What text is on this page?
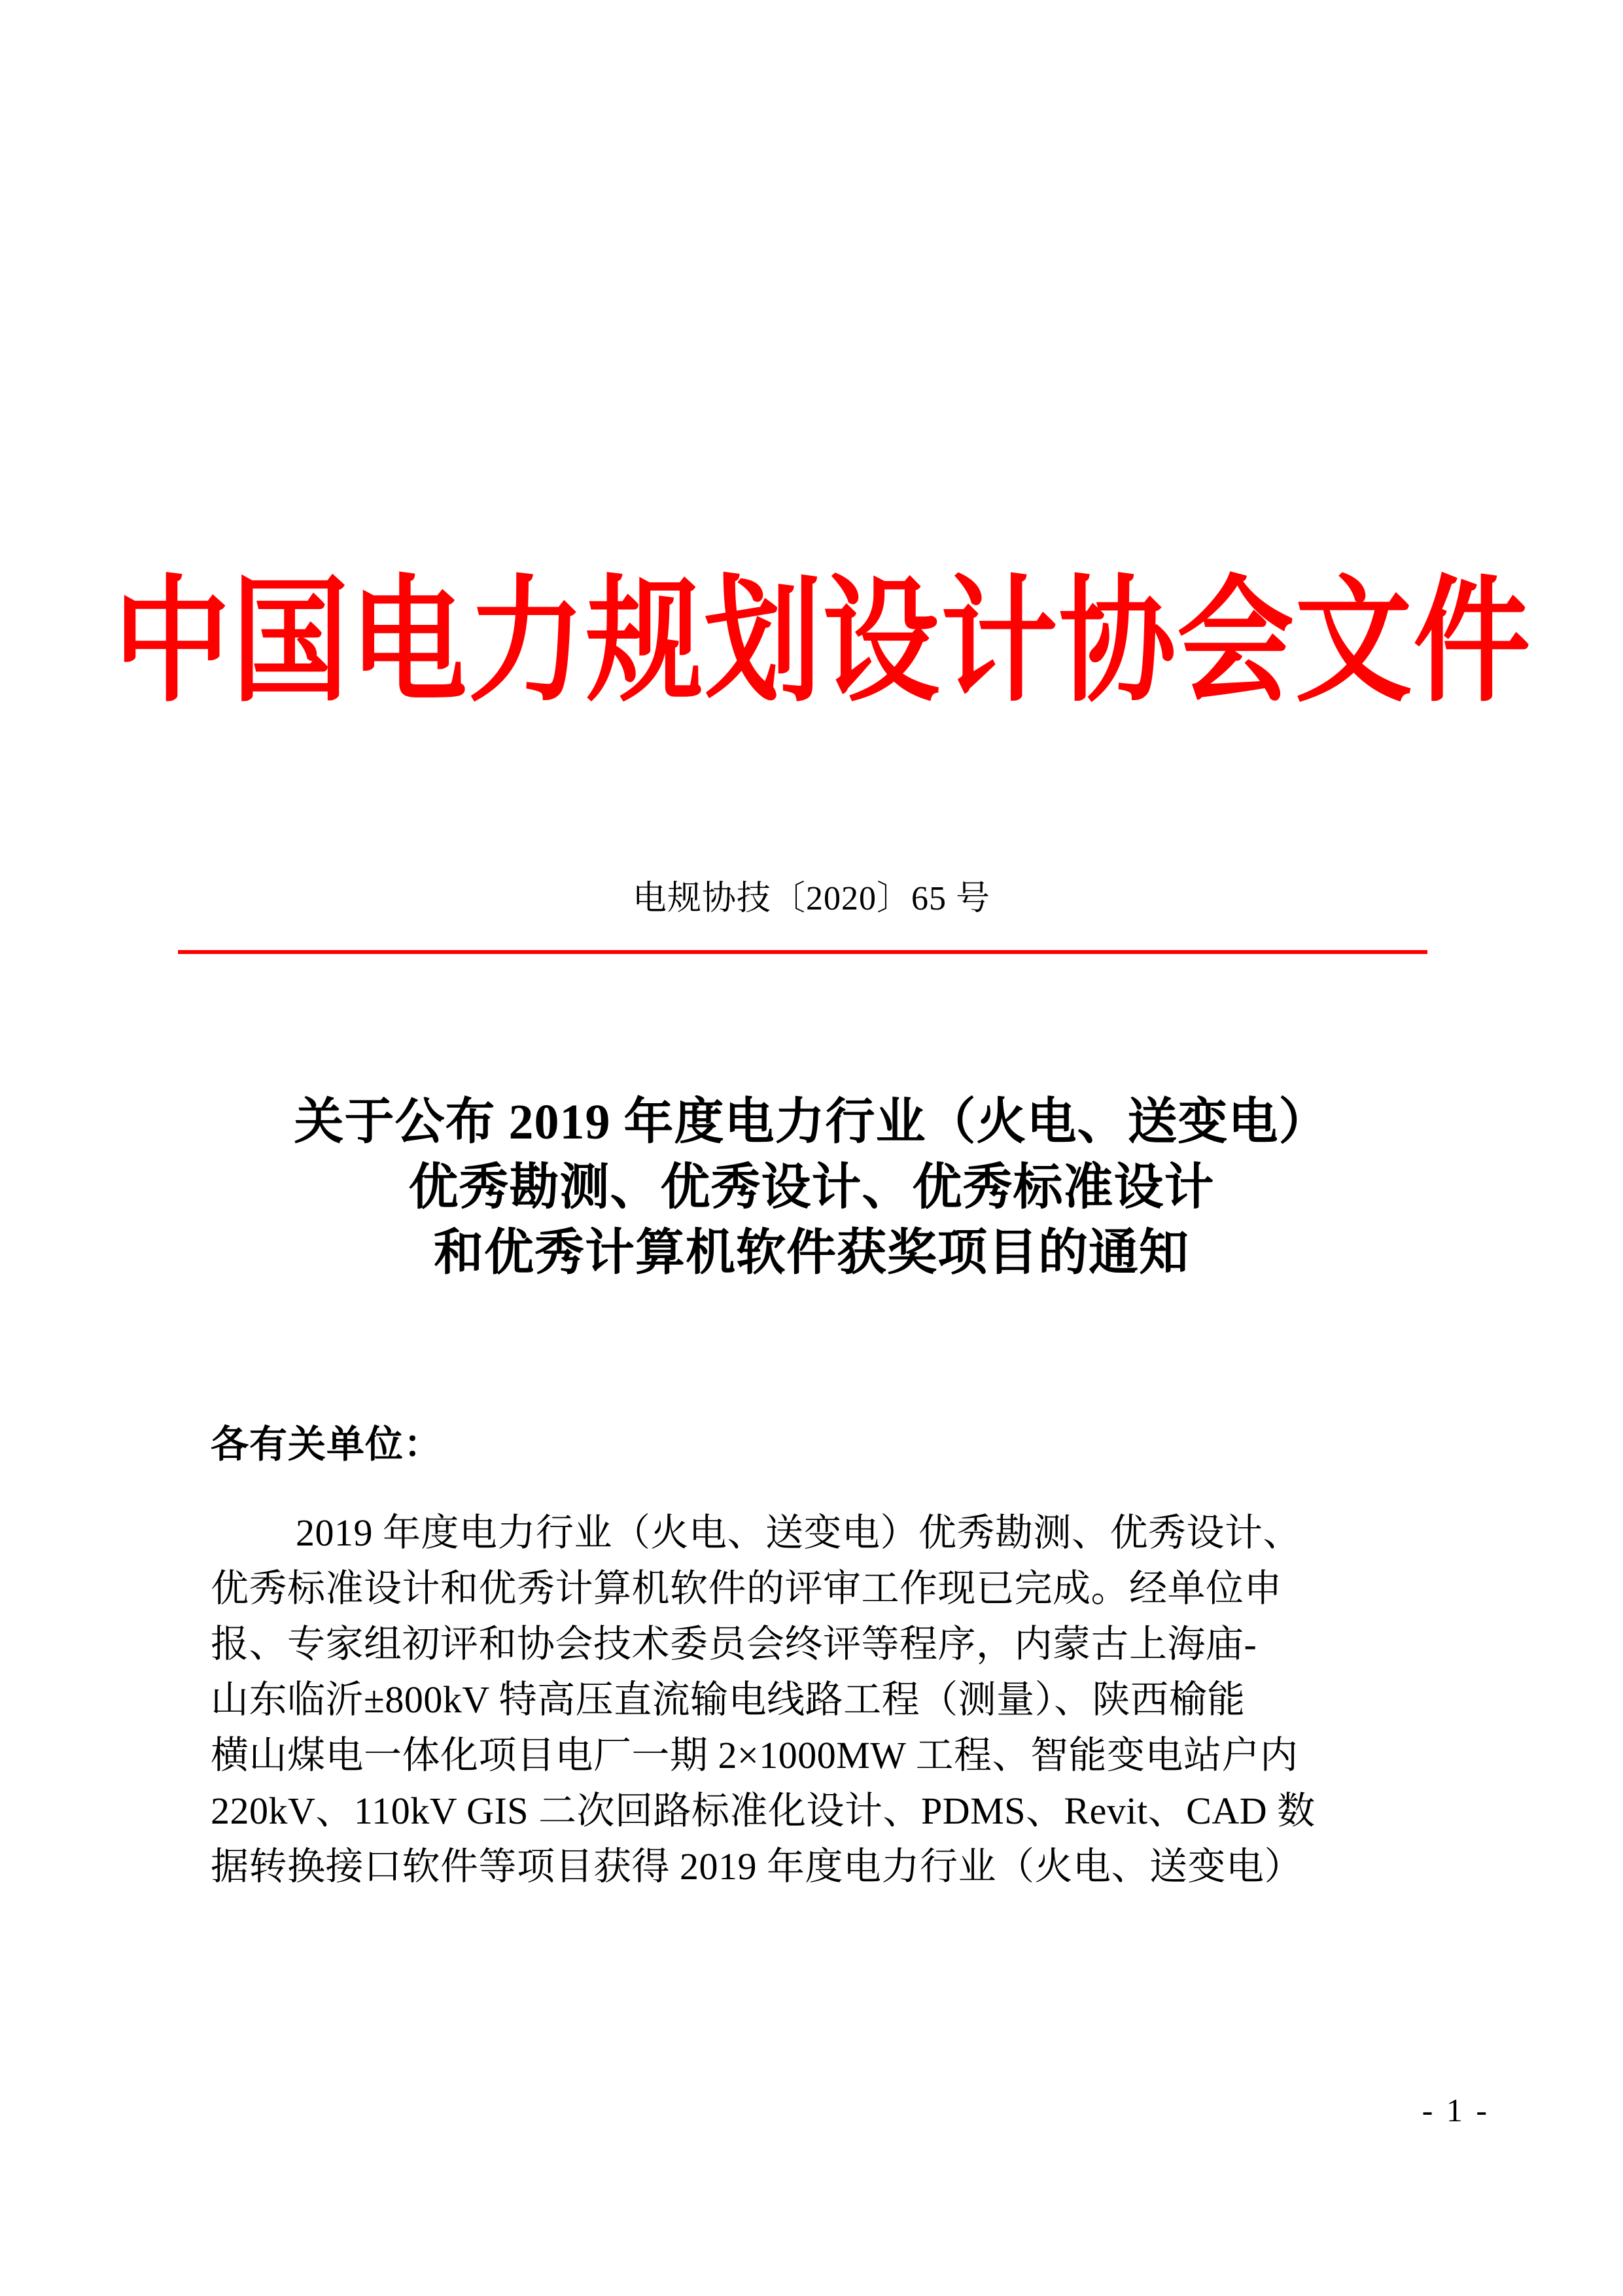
中国电力规划设计协会文件
电规协技〔2020〕65 号
关于公布 2019 年度电力行业（火电、送变电）
优秀勘测、优秀设计、优秀标准设计
和优秀计算机软件获奖项目的通知
各有关单位：
2019 年度电力行业（火电、送变电）优秀勘测、优秀设计、
优秀标准设计和优秀计算机软件的评审工作现已完成。经单位申
报、专家组初评和协会技术委员会终评等程序，内蒙古上海庙-
山东临沂±800kV 特高压直流输电线路工程（测量）、陕西榆能
横山煤电一体化项目电厂一期 2×1000MW 工程、智能变电站户内
220kV、110kV GIS 二次回路标准化设计、PDMS、Revit、CAD 数
据转换接口软件等项目获得 2019 年度电力行业（火电、送变电）
- 1 -
